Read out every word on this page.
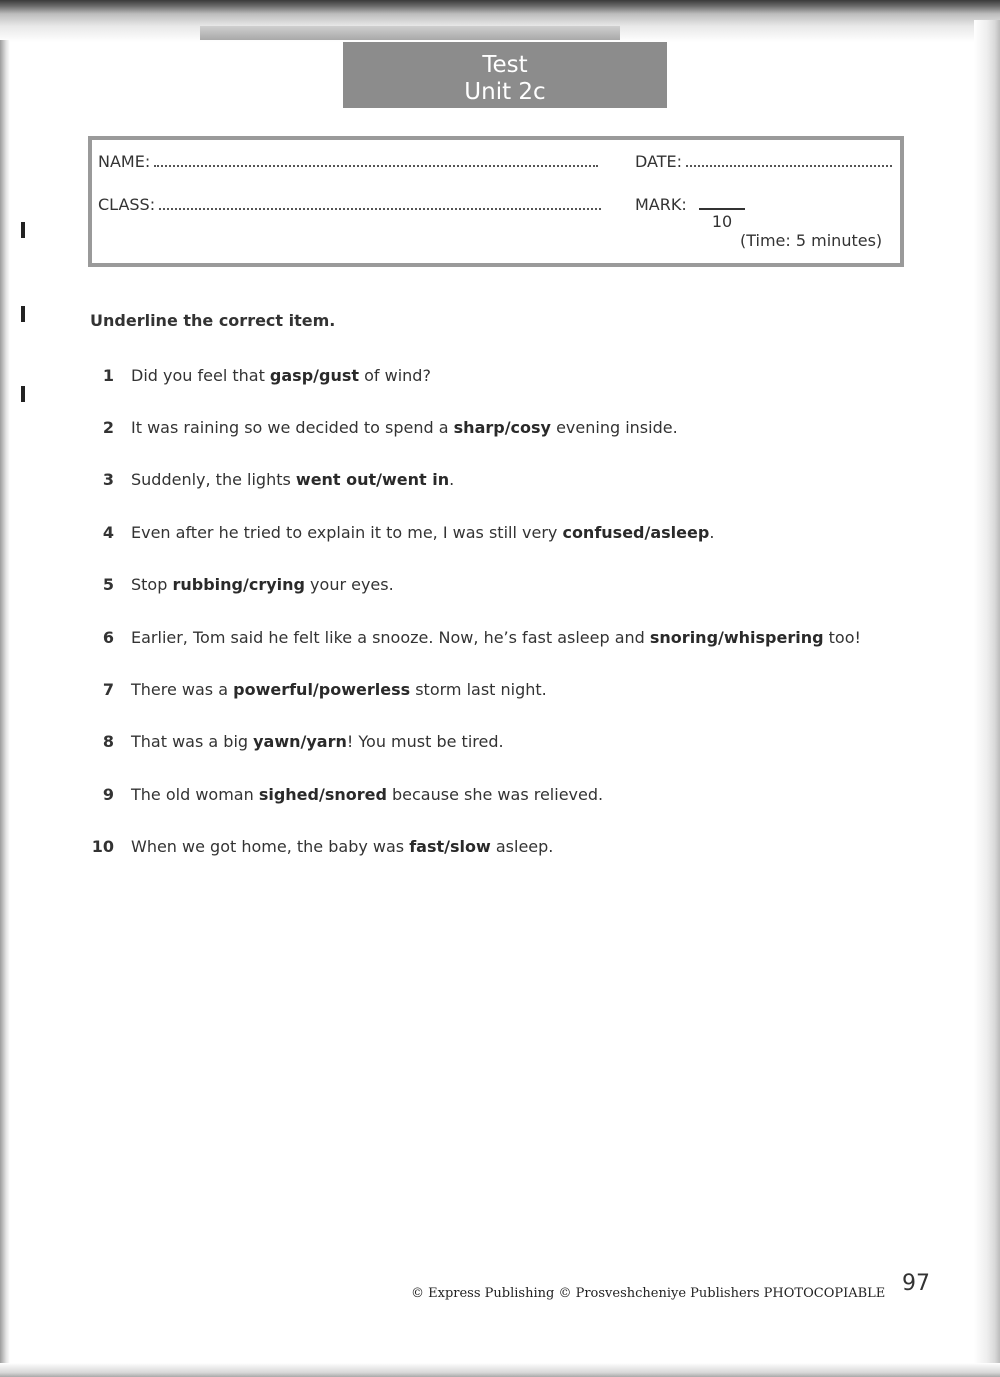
Test
Unit 2c
NAME:	DATE:
CLASS:	MARK:
10
(Time: 5 minutes)
Underline the correct item.
1 Did you feel that gasp/gust of wind?
2 It was raining so we decided to spend a sharp/cosy evening inside.
3 Suddenly, the lights went out/went in.
4 Even after he tried to explain it to me, I was still very confused/asleep.
5 Stop rubbing/crying your eyes.
6 Earlier, Tom said he felt like a snooze. Now, he’s fast asleep and snoring/whispering too!
7 There was a powerful/powerless storm last night.
8 That was a big yawn/yarn! You must be tired.
9 The old woman sighed/snored because she was relieved.
10 When we got home, the baby was fast/slow asleep.
© Express Publishing © Prosveshcheniye Publishers PHOTOCOPIABLE 97
